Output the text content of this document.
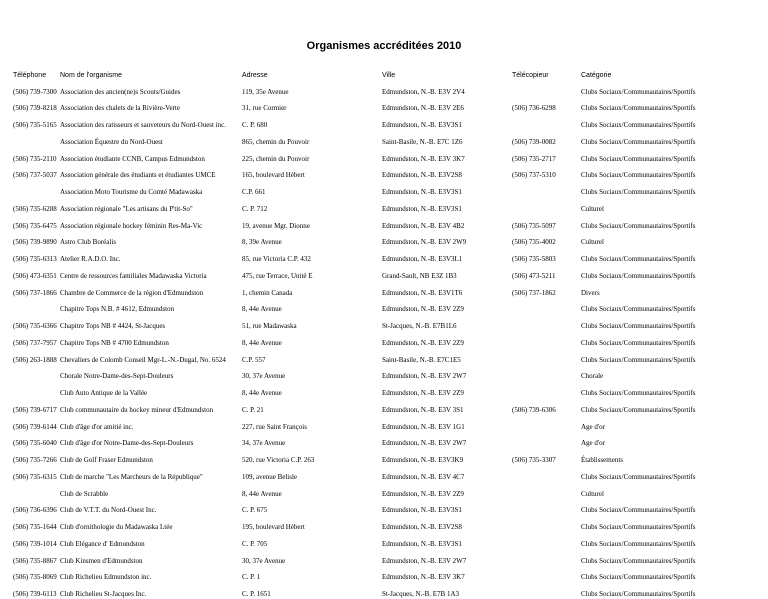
Organismes accréditées 2010
Téléphone Nom de l'organisme	Adresse	Ville	Télécopieur	Catégorie
(506) 739-7300 Association des ancien(ne)s Scouts/Guides	119, 35e Avenue	Edmundston, N.-B. E3V 2V4	Clubs Sociaux/Communautaires/Sportifs
(506) 739-8218 Association des chalets de la Rivière-Verte	31, rue Cormier	Edmundston, N.-B. E3V 2E6	(506) 736-6298	Clubs Sociaux/Communautaires/Sportifs
(506) 735-5165 Association des ratisseurs et sauveteurs du Nord-Ouest inc.	C. P. 680	Edmundston, N.-B. E3V3S1	Clubs Sociaux/Communautaires/Sportifs
Association Équestre du Nord-Ouest	865, chemin du Pouvoir	Saint-Basile, N.-B. E7C 1Z6	(506) 739-0082	Clubs Sociaux/Communautaires/Sportifs
(506) 735-2110 Association étudiante CCNB, Campus Edmundston	225, chemin du Pouvoir	Edmundston, N.-B. E3V 3K7	(506) 735-2717	Clubs Sociaux/Communautaires/Sportifs
(506) 737-5037 Association générale des étudiants et étudiantes UMCE	165, boulevard Hébert	Edmundston, N.-B. E3V2S8	(506) 737-5310	Clubs Sociaux/Communautaires/Sportifs
Association Moto Tourisme du Comté Madawaska	C.P. 661	Edmundston, N.-B. E3V3S1	Clubs Sociaux/Communautaires/Sportifs
(506) 735-6288 Association régionale "Les artisans du P'tit-So"	C. P. 712	Edmundston, N.-B. E3V3S1	Culturel
(506) 735-6475 Association régionale hockey féminin Res-Ma-Vic	19, avenue Mgr. Dionne	Edmundston, N.-B. E3V 4B2	(506) 735-5097	Clubs Sociaux/Communautaires/Sportifs
(506) 739-9890 Astro Club Boréalis	8, 39e Avenue	Edmundston, N.-B. E3V 2W9	(506) 735-4002	Culturel
(506) 735-6313 Atelier R.A.D.O. Inc.	85, rue Victoria C.P. 432	Edmundston, N.-B. E3V3L1	(506) 735-5803	Clubs Sociaux/Communautaires/Sportifs
(506) 473-6351 Centre de ressources familiales Madawaska Victoria	475, rue Terrace, Unité E	Grand-Sault, NB E3Z 1B3	(506) 473-5211	Clubs Sociaux/Communautaires/Sportifs
(506) 737-1866 Chambre de Commerce de la région d'Edmundston	1, chemin Canada	Edmundston, N.-B. E3V1T6	(506) 737-1862	Divers
Chapitre Tops N.B. # 4612, Edmundston	8, 44e Avenue	Edmundston, N.-B. E3V 2Z9	Clubs Sociaux/Communautaires/Sportifs
(506) 735-6366 Chapitre Tops NB # 4424, St-Jacques	51, rue Madawaska	St-Jacques, N.-B. E7B1L6	Clubs Sociaux/Communautaires/Sportifs
(506) 737-7957 Chapitre Tops NB # 4700 Edmundston	8, 44e Avenue	Edmundston, N.-B. E3V 2Z9	Clubs Sociaux/Communautaires/Sportifs
(506) 263-1888 Chevaliers de Colomb Conseil Mgr-L.-N.-Dugal, No. 6524	C.P. 557	Saint-Basile, N.-B. E7C1E5	Clubs Sociaux/Communautaires/Sportifs
Chorale Notre-Dame-des-Sept-Douleurs	30, 37e Avenue	Edmundston, N.-B. E3V 2W7	Chorale
Club Auto Antique de la Vallée	8, 44e Avenue	Edmundston, N.-B. E3V 2Z9	Clubs Sociaux/Communautaires/Sportifs
(506) 739-6717 Club communautaire du hockey mineur d'Edmundston	C. P. 21	Edmundston, N.-B. E3V 3S1	(506) 739-6306	Clubs Sociaux/Communautaires/Sportifs
(506) 739-6144 Club d'âge d'or amitié inc.	227, rue Saint François	Edmundston, N.-B. E3V 1G1	Age d'or
(506) 735-6040 Club d'âge d'or Notre-Dame-des-Sept-Douleurs	34, 37e Avenue	Edmundston, N.-B. E3V 2W7	Age d'or
(506) 735-7266 Club de Golf Fraser Edmundston	520, rue Victoria C.P. 263	Edmundston, N.-B. E3V3K9	(506) 735-3307	Établissements
(506) 735-6315 Club de marche "Les Marcheurs de la République"	109, avenue Belisle	Edmundston, N.-B. E3V 4C7	Clubs Sociaux/Communautaires/Sportifs
Club de Scrabble	8, 44e Avenue	Edmundston, N.-B. E3V 2Z9	Culturel
(506) 736-6396 Club de V.T.T. du Nord-Ouest Inc.	C. P. 675	Edmundston, N.-B. E3V3S1	Clubs Sociaux/Communautaires/Sportifs
(506) 735-1644 Club d'ornithologie du Madawaska Ltée	195, boulevard Hébert	Edmundston, N.-B. E3V2S8	Clubs Sociaux/Communautaires/Sportifs
(506) 739-1014 Club Elégance d' Edmundston	C. P. 705	Edmundston, N.-B. E3V3S1	Clubs Sociaux/Communautaires/Sportifs
(506) 735-8867 Club Kinsmen d'Edmundston	30, 37e Avenue	Edmundston, N.-B. E3V 2W7	Clubs Sociaux/Communautaires/Sportifs
(506) 735-8069 Club Richelieu Edmundston inc.	C. P. 1	Edmundston, N.-B. E3V 3K7	Clubs Sociaux/Communautaires/Sportifs
(506) 739-6113 Club Richelieu St-Jacques Inc.	C. P. 1651	St-Jacques, N.-B. E7B 1A3	Clubs Sociaux/Communautaires/Sportifs
